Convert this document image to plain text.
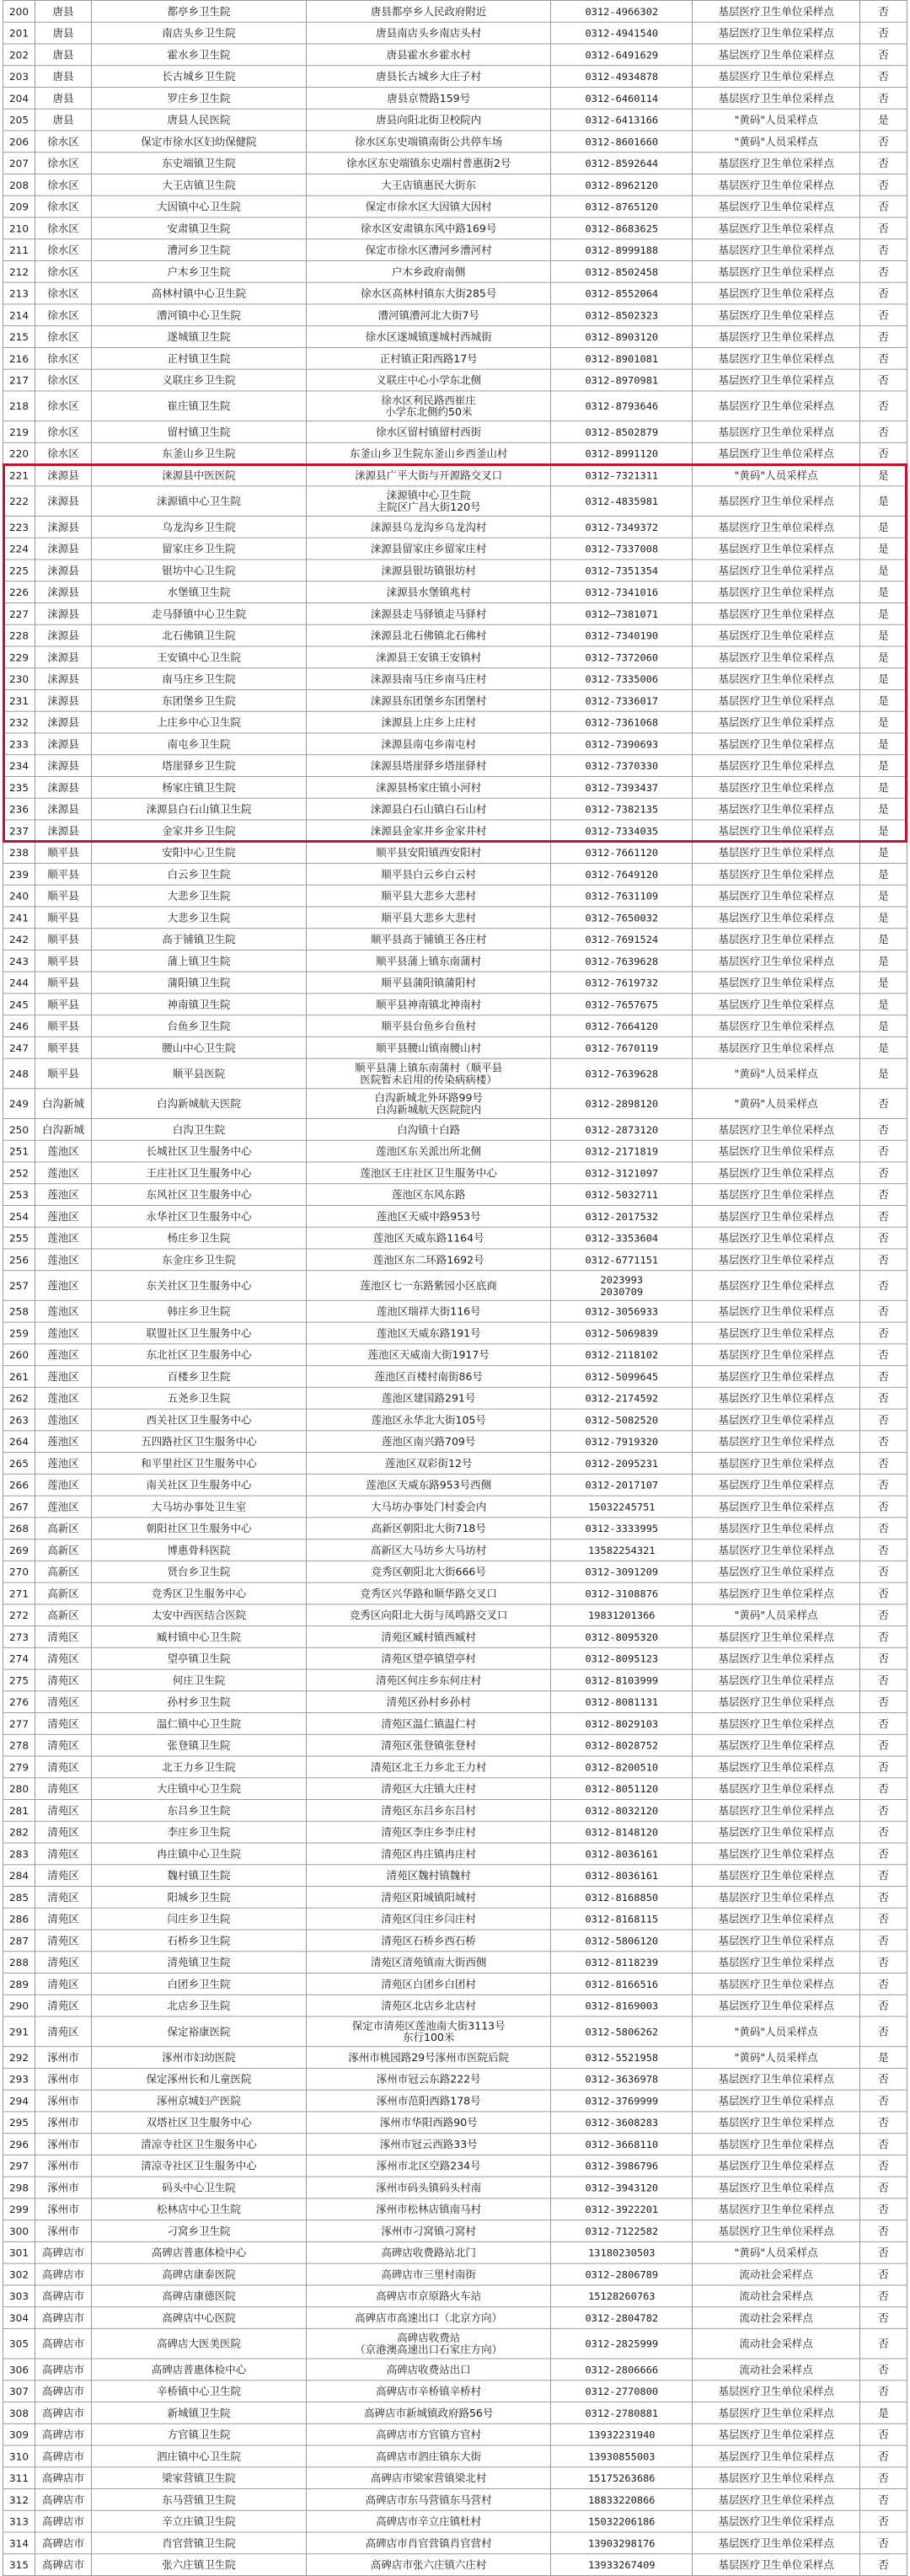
200	唐县	都亭乡卫生院	唐县都亭乡人民政府附近	0312-4966302	基层医疗卫生单位采样点	否
201	唐县	南店头乡卫生院	唐县南店头乡南店头村	0312-4941540	基层医疗卫生单位采样点	否
202	唐县	霍水乡卫生院	唐县霍水乡霍水村	0312-6491629	基层医疗卫生单位采样点	否
203	唐县	长古城乡卫生院	唐县长古城乡大庄子村	0312-4934878	基层医疗卫生单位采样点	否
204	唐县	罗庄乡卫生院	唐县京赞路159号	0312-6460114	基层医疗卫生单位采样点	否
205	唐县	唐县人民医院	唐县向阳北街卫校院内	0312-6413166	"黄码"人员采样点	是
206	徐水区	保定市徐水区妇幼保健院	徐水区东史端镇南街公共停车场	0312-8601660	"黄码"人员采样点	否
207	徐水区	东史端镇卫生院	徐水区东史端镇东史端村普惠街2号	0312-8592644	基层医疗卫生单位采样点	否
208	徐水区	大王店镇卫生院	大王店镇惠民大街东	0312-8962120	基层医疗卫生单位采样点	否
209	徐水区	大因镇中心卫生院	保定市徐水区大因镇大因村	0312-8765120	基层医疗卫生单位采样点	否
210	徐水区	安肃镇卫生院	徐水区安肃镇东风中路169号	0312-8683625	基层医疗卫生单位采样点	否
211	徐水区	漕河乡卫生院	保定市徐水区漕河乡漕河村	0312-8999188	基层医疗卫生单位采样点	否
212	徐水区	户木乡卫生院	户木乡政府南侧	0312-8502458	基层医疗卫生单位采样点	否
213	徐水区	高林村镇中心卫生院	徐水区高林村镇东大街285号	0312-8552064	基层医疗卫生单位采样点	否
214	徐水区	漕河镇中心卫生院	漕河镇漕河北大街7号	0312-8502323	基层医疗卫生单位采样点	否
215	徐水区	遂城镇卫生院	徐水区遂城镇遂城村西城街	0312-8903120	基层医疗卫生单位采样点	否
216	徐水区	正村镇卫生院	正村镇正阳西路17号	0312-8901081	基层医疗卫生单位采样点	否
217	徐水区	义联庄乡卫生院	义联庄中心小学东北侧	0312-8970981	基层医疗卫生单位采样点	否
218	徐水区	崔庄镇卫生院	徐水区利民路西崔庄
小学东北侧约50米	0312-8793646	基层医疗卫生单位采样点	否
219	徐水区	留村镇卫生院	徐水区留村镇留村西街	0312-8502879	基层医疗卫生单位采样点	否
220	徐水区	东釜山乡卫生院	东釜山乡卫生院东釜山乡西釜山村	0312-8991120	基层医疗卫生单位采样点	否
221	涞源县	涞源县中医医院	涞源县广平大街与开源路交叉口	0312-7321311	"黄码"人员采样点	是
222	涞源县	涞源镇中心卫生院	涞源镇中心卫生院
主院区广昌大街120号	0312-4835981	基层医疗卫生单位采样点	是
223	涞源县	乌龙沟乡卫生院	涞源县乌龙沟乡乌龙沟村	0312-7349372	基层医疗卫生单位采样点	是
224	涞源县	留家庄乡卫生院	涞源县留家庄乡留家庄村	0312-7337008	基层医疗卫生单位采样点	是
225	涞源县	银坊中心卫生院	涞源县银坊镇银坊村	0312-7351354	基层医疗卫生单位采样点	是
226	涞源县	水堡镇卫生院	涞源县水堡镇兆村	0312-7341016	基层医疗卫生单位采样点	是
227	涞源县	走马驿镇中心卫生院	涞源县走马驿镇走马驿村	0312—7381071	基层医疗卫生单位采样点	是
228	涞源县	北石佛镇卫生院	涞源县北石佛镇北石佛村	0312-7340190	基层医疗卫生单位采样点	是
229	涞源县	王安镇中心卫生院	涞源县王安镇王安镇村	0312-7372060	基层医疗卫生单位采样点	是
230	涞源县	南马庄乡卫生院	涞源县南马庄乡南马庄村	0312-7335006	基层医疗卫生单位采样点	是
231	涞源县	东团堡乡卫生院	涞源县东团堡乡东团堡村	0312-7336017	基层医疗卫生单位采样点	是
232	涞源县	上庄乡中心卫生院	涞源县上庄乡上庄村	0312-7361068	基层医疗卫生单位采样点	是
233	涞源县	南屯乡卫生院	涞源县南屯乡南屯村	0312-7390693	基层医疗卫生单位采样点	是
234	涞源县	塔崖驿乡卫生院	涞源县塔崖驿乡塔崖驿村	0312-7370330	基层医疗卫生单位采样点	是
235	涞源县	杨家庄镇卫生院	涞源县杨家庄镇小河村	0312-7393437	基层医疗卫生单位采样点	是
236	涞源县	涞源县白石山镇卫生院	涞源县白石山镇白石山村	0312-7382135	基层医疗卫生单位采样点	是
237	涞源县	金家井乡卫生院	涞源县金家井乡金家井村	0312-7334035	基层医疗卫生单位采样点	是
238	顺平县	安阳中心卫生院	顺平县安阳镇西安阳村	0312-7661120	基层医疗卫生单位采样点	是
239	顺平县	白云乡卫生院	顺平县白云乡白云村	0312-7649120	基层医疗卫生单位采样点	是
240	顺平县	大悲乡卫生院	顺平县大悲乡大悲村	0312-7631109	基层医疗卫生单位采样点	是
241	顺平县	大悲乡卫生院	顺平县大悲乡大悲村	0312-7650032	基层医疗卫生单位采样点	是
242	顺平县	高于铺镇卫生院	顺平县高于铺镇王各庄村	0312-7691524	基层医疗卫生单位采样点	是
243	顺平县	蒲上镇卫生院	顺平县蒲上镇东南蒲村	0312-7639628	基层医疗卫生单位采样点	是
244	顺平县	蒲阳镇卫生院	顺平县蒲阳镇蒲阳村	0312-7619732	基层医疗卫生单位采样点	是
245	顺平县	神南镇卫生院	顺平县神南镇北神南村	0312-7657675	基层医疗卫生单位采样点	是
246	顺平县	台鱼乡卫生院	顺平县台鱼乡台鱼村	0312-7664120	基层医疗卫生单位采样点	是
247	顺平县	腰山中心卫生院	顺平县腰山镇南腰山村	0312-7670119	基层医疗卫生单位采样点	是
248	顺平县	顺平县医院	顺平县蒲上镇东南蒲村（顺平县
医院暂未启用的传染病病楼）	0312-7639628	"黄码"人员采样点	是
249	白沟新城	白沟新城航天医院	白沟新城北外环路99号
白沟新城航天医院院内	0312-2898120	"黄码"人员采样点	否
250	白沟新城	白沟卫生院	白沟镇十白路	0312-2873120	基层医疗卫生单位采样点	否
251	莲池区	长城社区卫生服务中心	莲池区东关派出所北侧	0312-2171819	基层医疗卫生单位采样点	否
252	莲池区	王庄社区卫生服务中心	莲池区王庄社区卫生服务中心	0312-3121097	基层医疗卫生单位采样点	否
253	莲池区	东风社区卫生服务中心	莲池区东风东路	0312-5032711	基层医疗卫生单位采样点	否
254	莲池区	永华社区卫生服务中心	莲池区天威中路953号	0312-2017532	基层医疗卫生单位采样点	否
255	莲池区	杨庄乡卫生院	莲池区天威东路1164号	0312-3353604	基层医疗卫生单位采样点	否
256	莲池区	东金庄乡卫生院	莲池区东二环路1692号	0312-6771151	基层医疗卫生单位采样点	否
257	莲池区	东关社区卫生服务中心	莲池区七一东路紫园小区底商	2023993
2030709	基层医疗卫生单位采样点	否
258	莲池区	韩庄乡卫生院	莲池区瑞祥大街116号	0312-3056933	基层医疗卫生单位采样点	否
259	莲池区	联盟社区卫生服务中心	莲池区天威东路191号	0312-5069839	基层医疗卫生单位采样点	否
260	莲池区	东北社区卫生服务中心	莲池区天威南大街1917号	0312-2118102	基层医疗卫生单位采样点	否
261	莲池区	百楼乡卫生院	莲池区百楼村南街86号	0312-5099645	基层医疗卫生单位采样点	否
262	莲池区	五尧乡卫生院	莲池区建国路291号	0312-2174592	基层医疗卫生单位采样点	否
263	莲池区	西关社区卫生服务中心	莲池区永华北大街105号	0312-5082520	基层医疗卫生单位采样点	否
264	莲池区	五四路社区卫生服务中心	莲池区南兴路709号	0312-7919320	基层医疗卫生单位采样点	否
265	莲池区	和平里社区卫生服务中心	莲池区双彩街12号	0312-2095231	基层医疗卫生单位采样点	否
266	莲池区	南关社区卫生服务中心	莲池区天威东路953号西侧	0312-2017107	基层医疗卫生单位采样点	否
267	莲池区	大马坊办事处卫生室	大马坊办事处门村委会内	15032245751	基层医疗卫生单位采样点	否
268	高新区	朝阳社区卫生服务中心	高新区朝阳北大街718号	0312-3333995	基层医疗卫生单位采样点	否
269	高新区	博惠骨科医院	高新区大马坊乡大马坊村	13582254321	基层医疗卫生单位采样点	否
270	高新区	贤台乡卫生院	竞秀区朝阳北大街666号	0312-3091209	基层医疗卫生单位采样点	否
271	高新区	竞秀区卫生服务中心	竞秀区兴华路和顺华路交叉口	0312-3108876	基层医疗卫生单位采样点	否
272	高新区	太安中西医结合医院	竞秀区向阳北大街与凤鸣路交叉口	19831201366	"黄码"人员采样点	否
273	清苑区	臧村镇中心卫生院	清苑区臧村镇西臧村	0312-8095320	基层医疗卫生单位采样点	否
274	清苑区	望亭镇卫生院	清苑区望亭镇望亭村	0312-8095123	基层医疗卫生单位采样点	否
275	清苑区	何庄卫生院	清苑区何庄乡东何庄村	0312-8103999	基层医疗卫生单位采样点	否
276	清苑区	孙村乡卫生院	清苑区孙村乡孙村	0312-8081131	基层医疗卫生单位采样点	否
277	清苑区	温仁镇中心卫生院	清苑区温仁镇温仁村	0312-8029103	基层医疗卫生单位采样点	否
278	清苑区	张登镇卫生院	清苑区张登镇张登村	0312-8028752	基层医疗卫生单位采样点	否
279	清苑区	北王力乡卫生院	清苑区北王力乡北王力村	0312-8200510	基层医疗卫生单位采样点	否
280	清苑区	大庄镇中心卫生院	清苑区大庄镇大庄村	0312-8051120	基层医疗卫生单位采样点	否
281	清苑区	东吕乡卫生院	清苑区东吕乡东吕村	0312-8032120	基层医疗卫生单位采样点	否
282	清苑区	李庄乡卫生院	清苑区李庄乡李庄村	0312-8148120	基层医疗卫生单位采样点	否
283	清苑区	冉庄镇中心卫生院	清苑区冉庄镇冉庄村	0312-8036161	基层医疗卫生单位采样点	否
284	清苑区	魏村镇卫生院	清苑区魏村镇魏村	0312-8036161	基层医疗卫生单位采样点	否
285	清苑区	阳城乡卫生院	清苑区阳城镇阳城村	0312-8168850	基层医疗卫生单位采样点	否
286	清苑区	闫庄乡卫生院	清苑区闫庄乡闫庄村	0312-8168115	基层医疗卫生单位采样点	否
287	清苑区	石桥乡卫生院	清苑区石桥乡西石桥	0312-5806120	基层医疗卫生单位采样点	否
288	清苑区	清苑镇卫生院	清苑区清苑镇南大街西侧	0312-8118239	基层医疗卫生单位采样点	否
289	清苑区	白团乡卫生院	清苑区白团乡白团村	0312-8166516	基层医疗卫生单位采样点	否
290	清苑区	北店乡卫生院	清苑区北店乡北店村	0312-8169003	基层医疗卫生单位采样点	否
291	清苑区	保定裕康医院	保定市清苑区莲池南大街3113号
东行100米	0312-5806262	"黄码"人员采样点	否
292	涿州市	涿州市妇幼医院	涿州市桃园路29号涿州市医院后院	0312-5521958	"黄码"人员采样点	是
293	涿州市	保定涿州长和儿童医院	涿州市冠云东路222号	0312-3636978	基层医疗卫生单位采样点	否
294	涿州市	涿州京城妇产医院	涿州市范阳西路178号	0312-3769999	基层医疗卫生单位采样点	否
295	涿州市	双塔社区卫生服务中心	涿州市华阳西路90号	0312-3608283	基层医疗卫生单位采样点	否
296	涿州市	清凉寺社区卫生服务中心	涿州市冠云西路33号	0312-3668110	基层医疗卫生单位采样点	否
297	涿州市	清凉寺社区卫生服务中心	涿州市北区空路234号	0312-3986796	基层医疗卫生单位采样点	否
298	涿州市	码头中心卫生院	涿州市码头镇码头村南	0312-3943120	基层医疗卫生单位采样点	否
299	涿州市	松林店中心卫生院	涿州市松林店镇南马村	0312-3922201	基层医疗卫生单位采样点	否
300	涿州市	刁窝乡卫生院	涿州市刁窝镇刁窝村	0312-7122582	基层医疗卫生单位采样点	否
301	高碑店市	高碑店普惠体检中心	高碑店收费路站北门	13180230503	"黄码"人员采样点	否
302	高碑店市	高碑店康泰医院	高碑店市三里村南街	0312-2806789	流动社会采样点	否
303	高碑店市	高碑店康德医院	高碑店市京原路火车站	15128260763	流动社会采样点	否
304	高碑店市	高碑店中心医院	高碑店市高速出口（北京方向）	0312-2804782	流动社会采样点	否
305	高碑店市	高碑店大医美医院	高碑店收费站
（京港澳高速出口石家庄方向）	0312-2825999	流动社会采样点	否
306	高碑店市	高碑店普惠体检中心	高碑店收费站出口	0312-2806666	流动社会采样点	否
307	高碑店市	辛桥镇中心卫生院	高碑店市辛桥镇辛桥村	0312-2770800	基层医疗卫生单位采样点	否
308	高碑店市	新城镇卫生院	高碑店市新城镇政府路56号	0312-2780881	基层医疗卫生单位采样点	是
309	高碑店市	方官镇卫生院	高碑店市方官镇方官村	13932231940	基层医疗卫生单位采样点	否
310	高碑店市	泗庄镇中心卫生院	高碑店市泗庄镇东大街	13930855003	基层医疗卫生单位采样点	否
311	高碑店市	梁家营镇卫生院	高碑店市梁家营镇梁北村	15175263686	基层医疗卫生单位采样点	否
312	高碑店市	东马营镇卫生院	高碑店市东马营镇东马营村	18833220866	基层医疗卫生单位采样点	否
313	高碑店市	辛立庄镇卫生院	高碑店市辛立庄镇杜村	15032206186	基层医疗卫生单位采样点	否
314	高碑店市	肖官营镇卫生院	高碑店市肖官营镇肖官营村	13903298176	基层医疗卫生单位采样点	否
315	高碑店市	张六庄镇卫生院	高碑店市张六庄镇六庄村	13933267409	基层医疗卫生单位采样点	否
